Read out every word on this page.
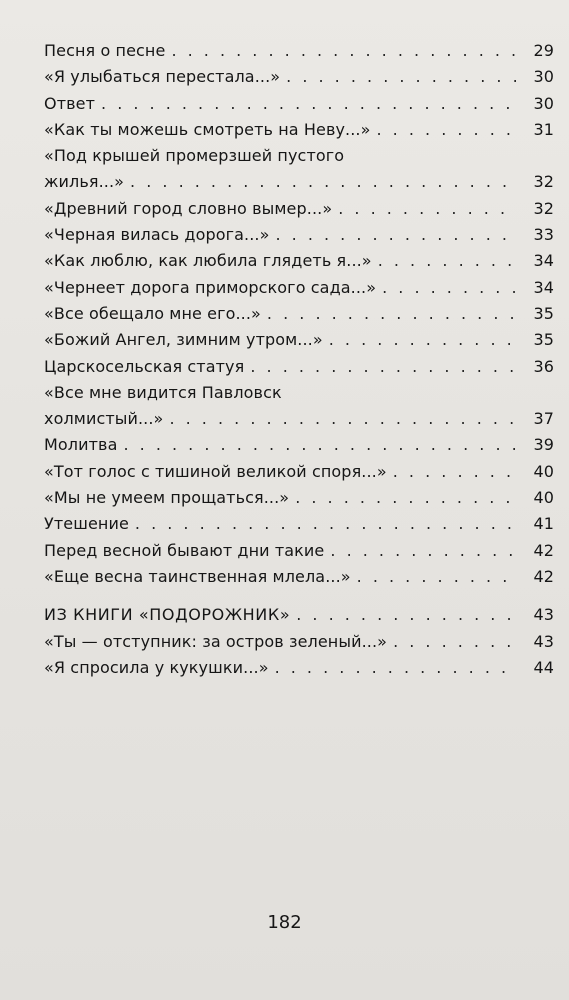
Песня о песне . . .	29
«Я улыбаться перестала...» . . .	30
Ответ . . .	30
«Как ты можешь смотреть на Неву...» . . .	31
«Под крышей промерзшей пустого
жилья...» . . .	32
«Древний город словно вымер...» . . .	32
«Черная вилась дорога...» . . .	33
«Как люблю, как любила глядеть я...» . . .	34
«Чернеет дорога приморского сада...» . . .	34
«Все обещало мне его...» . . .	35
«Божий Ангел, зимним утром...» . . .	35
Царскосельская статуя . . .	36
«Все мне видится Павловск
холмистый...» . . .	37
Молитва . . .	39
«Тот голос с тишиной великой споря...» . . .	40
«Мы не умеем прощаться...» . . .	40
Утешение . . .	41
Перед весной бывают дни такие . . .	42
«Еще весна таинственная млела...» . . .	42
ИЗ КНИГИ «ПОДОРОЖНИК» . . .	43
«Ты — отступник: за остров зеленый...» . . .	43
«Я спросила у кукушки...» . . .	44
182
